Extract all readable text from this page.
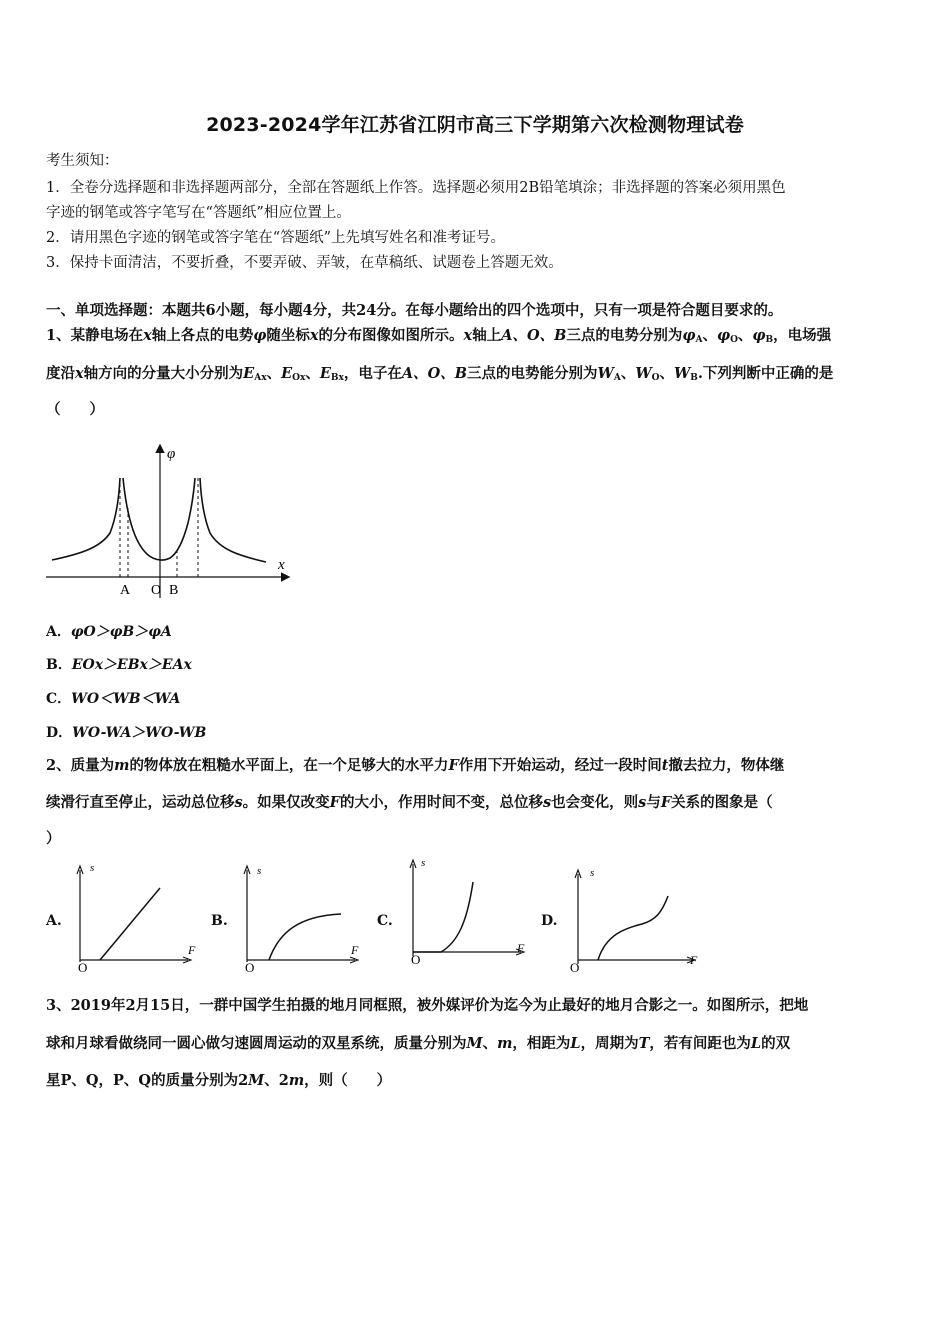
2023-2024学年江苏省江阴市高三下学期第六次检测物理试卷
考生须知：
1．全卷分选择题和非选择题两部分，全部在答题纸上作答。选择题必须用2B铅笔填涂；非选择题的答案必须用黑色
字迹的钢笔或答字笔写在“答题纸”相应位置上。
2．请用黑色字迹的钢笔或答字笔在“答题纸”上先填写姓名和准考证号。
3．保持卡面清洁，不要折叠，不要弄破、弄皱，在草稿纸、试题卷上答题无效。
一、单项选择题：本题共6小题，每小题4分，共24分。在每小题给出的四个选项中，只有一项是符合题目要求的。
1、某静电场在x轴上各点的电势φ随坐标x的分布图像如图所示。x轴上A、O、B三点的电势分别为$\varphi_A$、$\varphi_O$、$\varphi_B$，电场强
度沿x轴方向的分量大小分别为$E_{Ax}$、$E_{Ox}$、$E_{Bx}$，电子在A、O、B三点的电势能分别为$W_A$、$W_O$、$W_B$.下列判断中正确的是
（　　）
φ
x
A O B
A．φO＞φB＞φA
B．EOx＞EBx＞EAx
C．WO＜WB＜WA
D．WO-WA＞WO-WB
2、质量为m的物体放在粗糙水平面上，在一个足够大的水平力F作用下开始运动，经过一段时间t撤去拉力，物体继
续滑行直至停止，运动总位移s。如果仅改变F的大小，作用时间不变，总位移s也会变化，则s与F关系的图象是（
）
A.
s
F
O
B.
s
F
O
C.
s
F
O
D.
s
F
O
3、2019年2月15日，一群中国学生拍摄的地月同框照，被外媒评价为迄今为止最好的地月合影之一。如图所示，把地
球和月球看做绕同一圆心做匀速圆周运动的双星系统，质量分别为M、m，相距为L，周期为T，若有间距也为L的双
星P、Q，P、Q的质量分别为2M、2m，则（　　）
